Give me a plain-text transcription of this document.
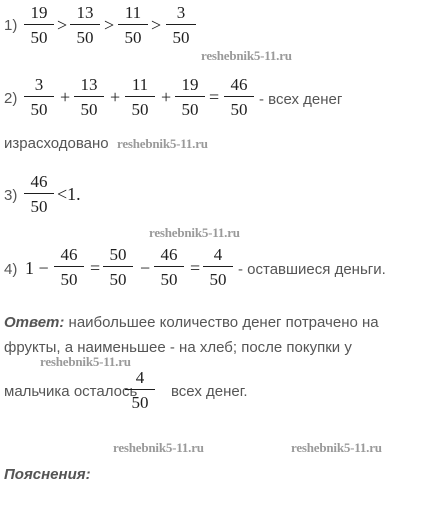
1)
19
50
>
13
50
>
11
50
>
3
50
reshebnik5-11.ru
2)
3
50
+
13
50
+
11
50
+
19
50
=
46
50
- всех денег
израсходовано reshebnik5-11.ru
3)
46
50
<1.
reshebnik5-11.ru
4) 1 −
46
50
=
50
50
−
46
50
=
4
50
- оставшиеся деньги.
Ответ: наибольшее количество денег потрачено на
фрукты, а наименьшее - на хлеб; после покупки у
reshebnik5-11.ru
мальчика осталось
4
50
всех денег.
reshebnik5-11.ru	reshebnik5-11.ru
Пояснения:
